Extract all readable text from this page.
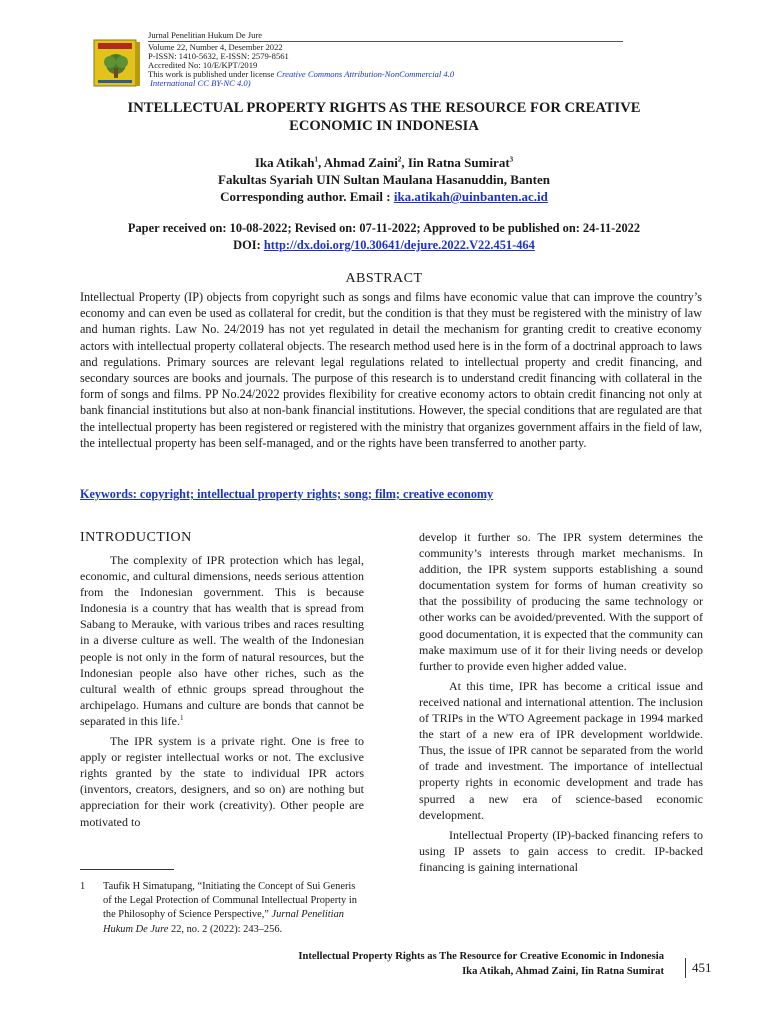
Jurnal Penelitian Hukum De Jure
Volume 22, Number 4, Desember 2022
P-ISSN: 1410-5632, E-ISSN: 2579-8561
Accredited No: 10/E/KPT/2019
This work is published under license Creative Commons Attribution-NonCommercial 4.0
International CC BY-NC 4.0)
INTELLECTUAL PROPERTY RIGHTS AS THE RESOURCE FOR CREATIVE
ECONOMIC IN INDONESIA
Ika Atikah$^1$, Ahmad Zaini$^2$, Iin Ratna Sumirat$^3$
Fakultas Syariah UIN Sultan Maulana Hasanuddin, Banten
Corresponding author. Email : ika.atikah@uinbanten.ac.id
Paper received on: 10-08-2022; Revised on: 07-11-2022; Approved to be published on: 24-11-2022
DOI: http://dx.doi.org/10.30641/dejure.2022.V22.451-464
ABSTRACT
Intellectual Property (IP) objects from copyright such as songs and films have economic value that can improve the country’s economy and can even be used as collateral for credit, but the condition is that they must be registered with the ministry of law and human rights. Law No. 24/2019 has not yet regulated in detail the mechanism for granting credit to creative economy actors with intellectual property collateral objects. The research method used here is in the form of a doctrinal approach to laws and regulations. Primary sources are relevant legal regulations related to intellectual property and credit financing, and secondary sources are books and journals. The purpose of this research is to understand credit financing with collateral in the form of songs and films. PP No.24/2022 provides flexibility for creative economy actors to obtain credit financing not only at bank financial institutions but also at non-bank financial institutions. However, the special conditions that are regulated are that the intellectual property has been registered or registered with the ministry that organizes government affairs in the field of law, the intellectual property has been self-managed, and or the rights have been transferred to another party.
Keywords: copyright; intellectual property rights; song; film; creative economy
INTRODUCTION

The complexity of IPR protection which has legal, economic, and cultural dimensions, needs serious attention from the Indonesian government. This is because Indonesia is a country that has wealth that is spread from Sabang to Merauke, with various tribes and races resulting in a diverse culture as well. The wealth of the Indonesian people is not only in the form of natural resources, but the Indonesian people also have other riches, such as the cultural wealth of ethnic groups spread throughout the archipelago. Humans and culture are bonds that cannot be separated in this life.$^1$

The IPR system is a private right. One is free to apply or register intellectual works or not. The exclusive rights granted by the state to individual IPR actors (inventors, creators, designers, and so on) are nothing but appreciation for their work (creativity). Other people are motivated to

1	Taufik H Simatupang, “Initiating the Concept of Sui Generis of the Legal Protection of Communal Intellectual Property in the Philosophy of Science Perspective,” Jurnal Penelitian Hukum De Jure 22, no. 2 (2022): 243–256.

develop it further so. The IPR system determines the community’s interests through market mechanisms. In addition, the IPR system supports establishing a sound documentation system for forms of human creativity so that the possibility of producing the same technology or other works can be avoided/prevented. With the support of good documentation, it is expected that the community can make maximum use of it for their living needs or develop further to provide even higher added value.

At this time, IPR has become a critical issue and received national and international attention. The inclusion of TRIPs in the WTO Agreement package in 1994 marked the start of a new era of IPR development worldwide. Thus, the issue of IPR cannot be separated from the world of trade and investment. The importance of intellectual property rights in economic development and trade has spurred a new era of science-based economic development.

Intellectual Property (IP)-backed financing refers to using IP assets to gain access to credit. IP-backed financing is gaining international

Intellectual Property Rights as The Resource for Creative Economic in Indonesia
Ika Atikah, Ahmad Zaini, Iin Ratna Sumirat 451
